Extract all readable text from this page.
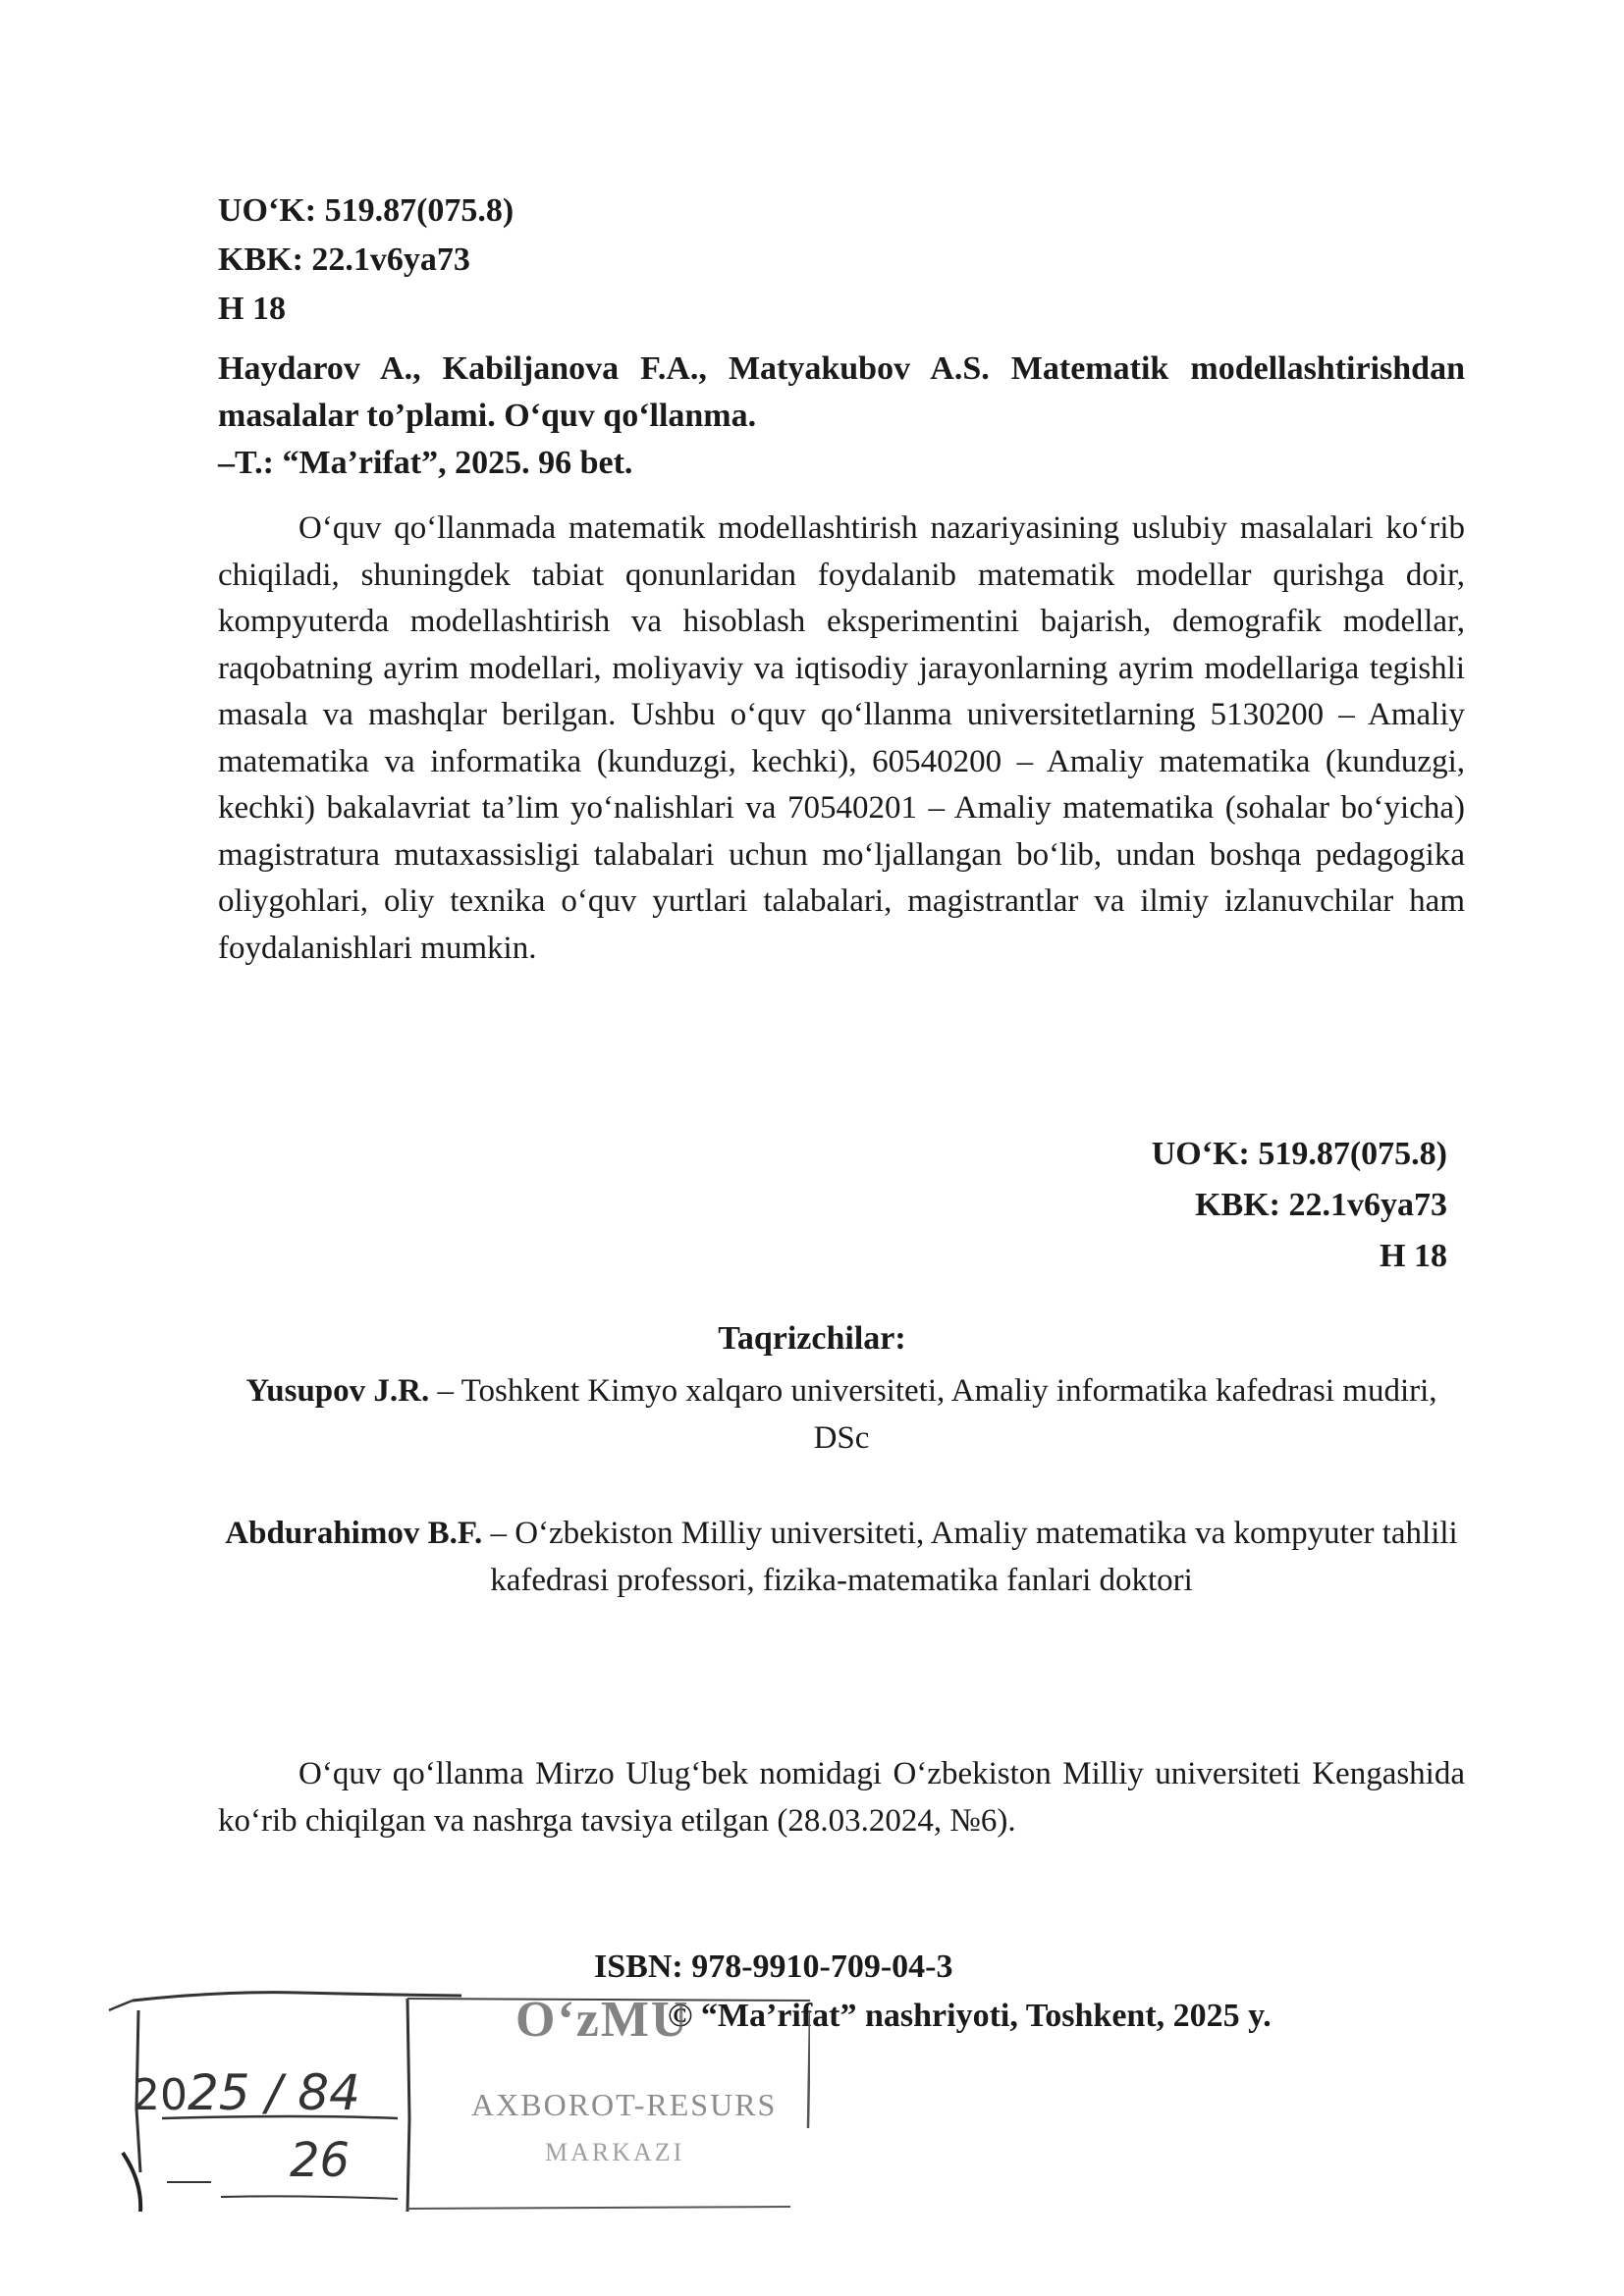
UO‘K: 519.87(075.8)
KBK: 22.1v6ya73
H 18

Haydarov A., Kabiljanova F.A., Matyakubov A.S. Matematik modellashtirishdan masalalar to’plami. O‘quv qo‘llanma.

–T.: “Ma’rifat”, 2025. 96 bet.

O‘quv qo‘llanmada matematik modellashtirish nazariyasining uslubiy masalalari ko‘rib chiqiladi, shuningdek tabiat qonunlaridan foydalanib matematik modellar qurishga doir, kompyuterda modellashtirish va hisoblash eksperimentini bajarish, demografik modellar, raqobatning ayrim modellari, moliyaviy va iqtisodiy jarayonlarning ayrim modellariga tegishli masala va mashqlar berilgan. Ushbu o‘quv qo‘llanma universitetlarning 5130200 – Amaliy matematika va informatika (kunduzgi, kechki), 60540200 – Amaliy matematika (kunduzgi, kechki) bakalavriat ta’lim yo‘nalishlari va 70540201 – Amaliy matematika (sohalar bo‘yicha) magistratura mutaxassisligi talabalari uchun mo‘ljallangan bo‘lib, undan boshqa pedagogika oliygohlari, oliy texnika o‘quv yurtlari talabalari, magistrantlar va ilmiy izlanuvchilar ham foydalanishlari mumkin.

UO‘K: 519.87(075.8)
KBK: 22.1v6ya73
H 18

Taqrizchilar:

Yusupov J.R. – Toshkent Kimyo xalqaro universiteti, Amaliy informatika kafedrasi mudiri, DSc

Abdurahimov B.F. – O‘zbekiston Milliy universiteti, Amaliy matematika va kompyuter tahlili kafedrasi professori, fizika-matematika fanlari doktori

O‘quv qo‘llanma Mirzo Ulug‘bek nomidagi O‘zbekiston Milliy universiteti Kengashida ko‘rib chiqilgan va nashrga tavsiya etilgan (28.03.2024, №6).

ISBN: 978-9910-709-04-3
© “Ma’rifat” nashriyoti, Toshkent, 2025 y.
2025 / 84
26
O‘zMU
AXBOROT-RESURS
MARKAZI
